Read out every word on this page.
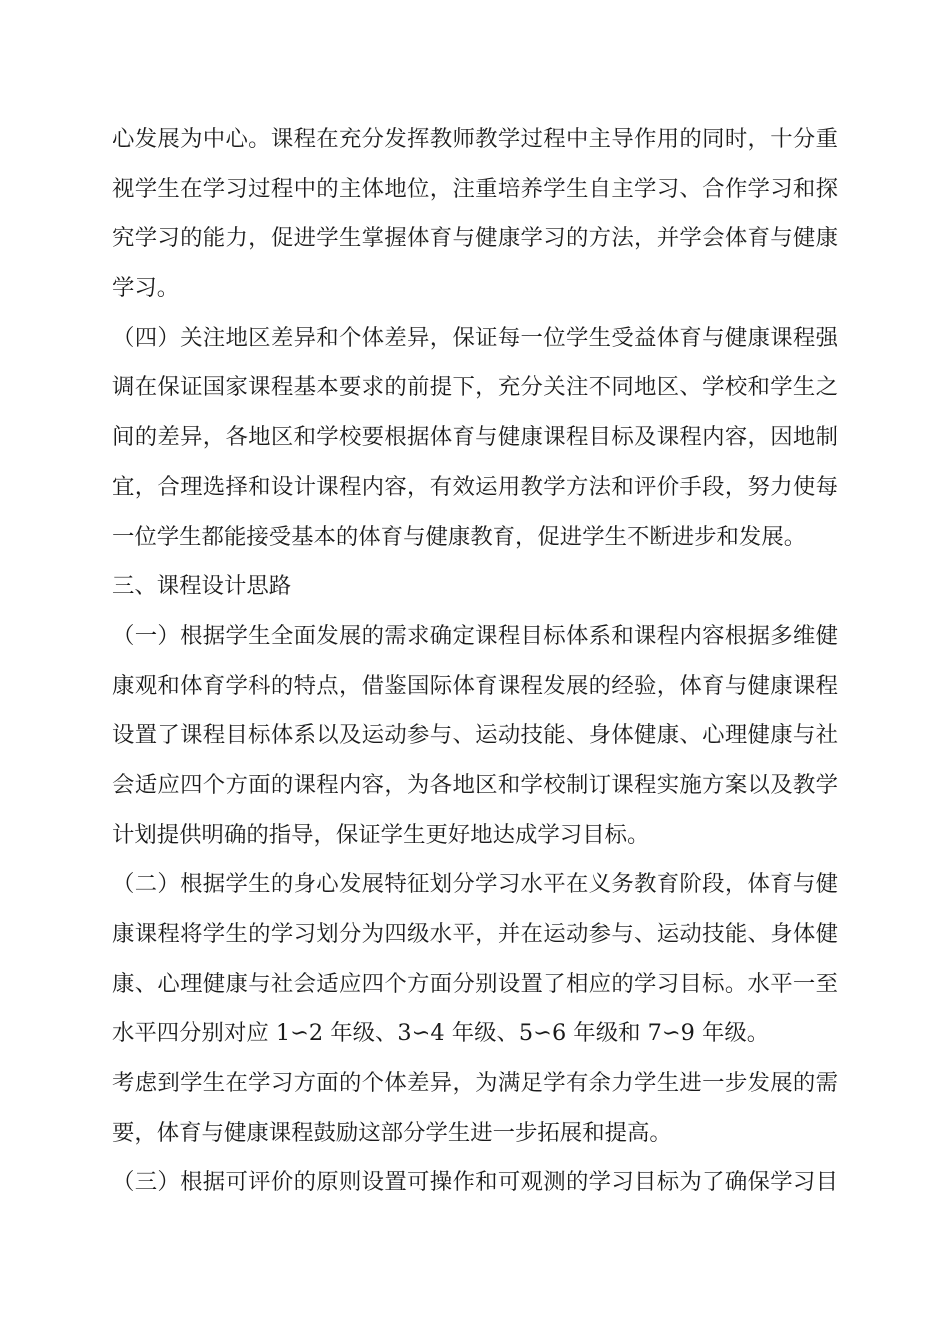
心发展为中心。课程在充分发挥教师教学过程中主导作用的同时，十分重
视学生在学习过程中的主体地位，注重培养学生自主学习、合作学习和探
究学习的能力，促进学生掌握体育与健康学习的方法，并学会体育与健康
学习。
（四）关注地区差异和个体差异，保证每一位学生受益体育与健康课程强
调在保证国家课程基本要求的前提下，充分关注不同地区、学校和学生之
间的差异，各地区和学校要根据体育与健康课程目标及课程内容，因地制
宜，合理选择和设计课程内容，有效运用教学方法和评价手段，努力使每
一位学生都能接受基本的体育与健康教育，促进学生不断进步和发展。
三、课程设计思路
（一）根据学生全面发展的需求确定课程目标体系和课程内容根据多维健
康观和体育学科的特点，借鉴国际体育课程发展的经验，体育与健康课程
设置了课程目标体系以及运动参与、运动技能、身体健康、心理健康与社
会适应四个方面的课程内容，为各地区和学校制订课程实施方案以及教学
计划提供明确的指导，保证学生更好地达成学习目标。
（二）根据学生的身心发展特征划分学习水平在义务教育阶段，体育与健
康课程将学生的学习划分为四级水平，并在运动参与、运动技能、身体健
康、心理健康与社会适应四个方面分别设置了相应的学习目标。水平一至
水平四分别对应 1∽2 年级、3∽4 年级、5∽6 年级和 7∽9 年级。
考虑到学生在学习方面的个体差异，为满足学有余力学生进一步发展的需
要，体育与健康课程鼓励这部分学生进一步拓展和提高。
（三）根据可评价的原则设置可操作和可观测的学习目标为了确保学习目
